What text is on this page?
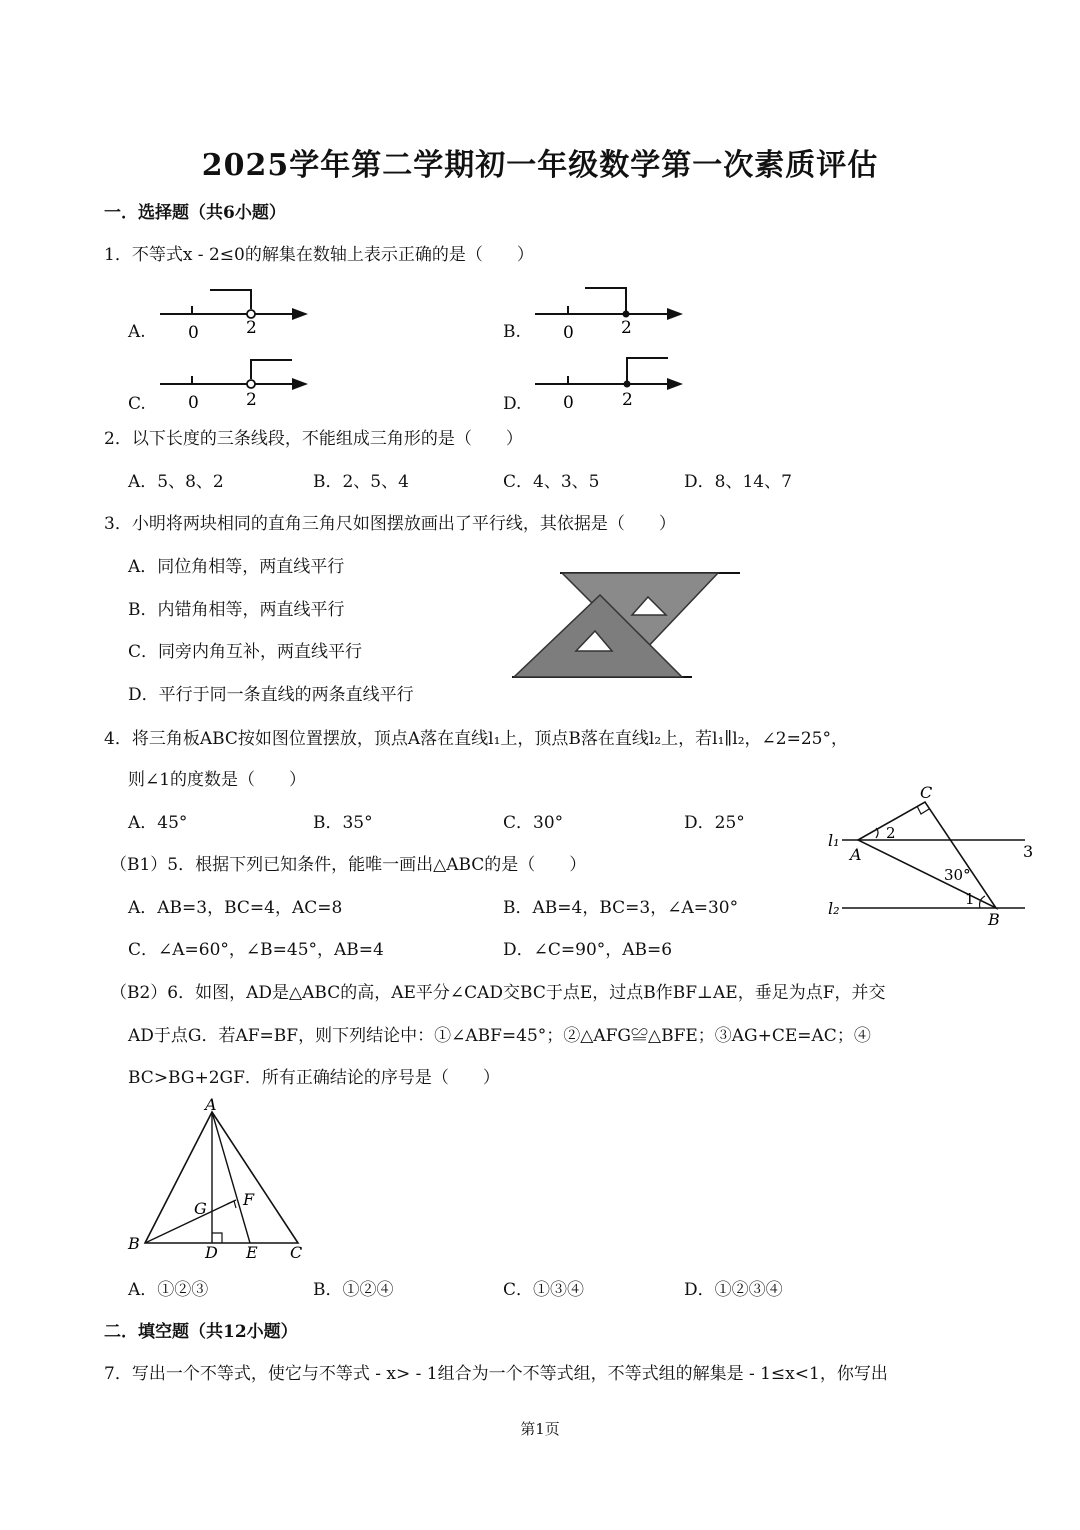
2025学年第二学期初一年级数学第一次素质评估
一．选择题（共6小题）
1．不等式x - 2≤0的解集在数轴上表示正确的是（　　）
A.	B.
C.	D.
0	2	0	2
0	2	0	2
2．以下长度的三条线段，不能组成三角形的是（　　）
A．5、8、2	B．2、5、4	C．4、3、5	D．8、14、7
3．小明将两块相同的直角三角尺如图摆放画出了平行线，其依据是（　　）
A．同位角相等，两直线平行
B．内错角相等，两直线平行
C．同旁内角互补，两直线平行
D．平行于同一条直线的两条直线平行
4．将三角板ABC按如图位置摆放，顶点A落在直线l₁上，顶点B落在直线l₂上，若l₁∥l₂，∠2=25°，
则∠1的度数是（　　）
A．45°	B．35°	C．30°	D．25°
C
A
B
l₁
l₂
3
2
1
30°
（B1）5．根据下列已知条件，能唯一画出△ABC的是（　　）
A．AB=3，BC=4，AC=8	B．AB=4，BC=3，∠A=30°
C．∠A=60°，∠B=45°，AB=4	D．∠C=90°，AB=6
（B2）6．如图，AD是△ABC的高，AE平分∠CAD交BC于点E，过点B作BF⊥AE，垂足为点F，并交
AD于点G．若AF=BF，则下列结论中：①∠ABF=45°；②△AFG≌△BFE；③AG+CE=AC；④
BC>BG+2GF．所有正确结论的序号是（　　）
A
B	C
D E
F
G
A．①②③	B．①②④	C．①③④	D．①②③④
二．填空题（共12小题）
7．写出一个不等式，使它与不等式 - x> - 1组合为一个不等式组，不等式组的解集是 - 1≤x<1，你写出
第1页
